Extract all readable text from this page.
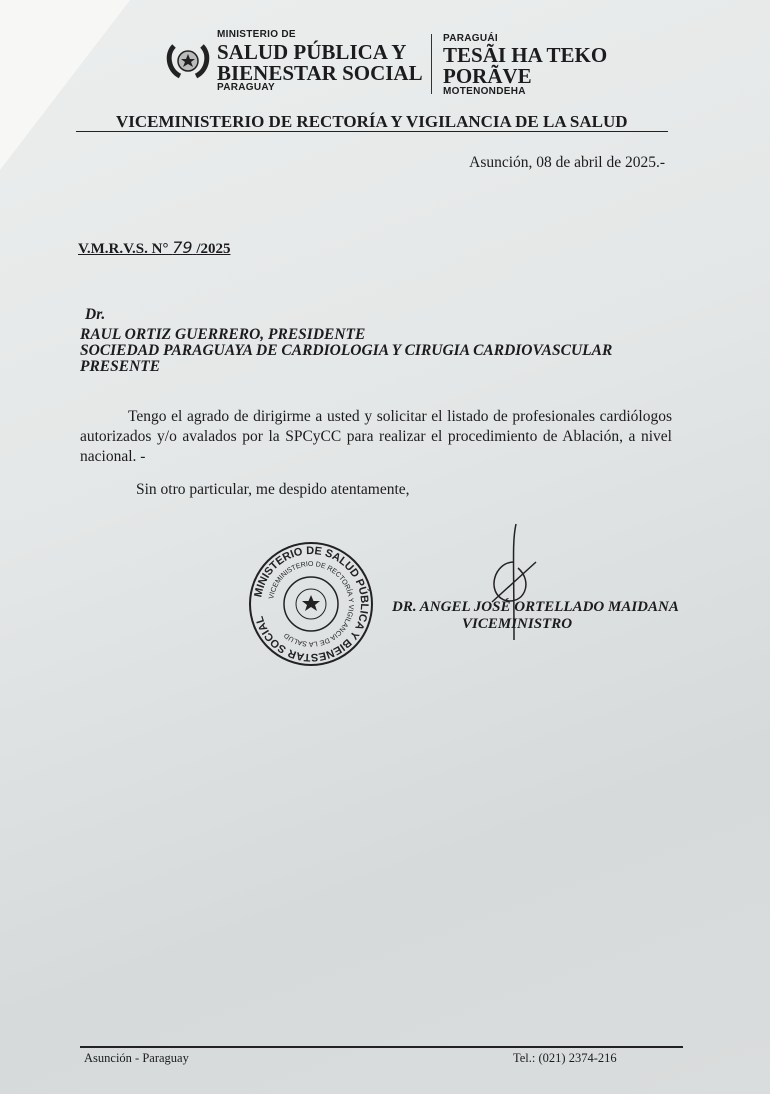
MINISTERIO DE
SALUD PÚBLICA Y
BIENESTAR SOCIAL
PARAGUAY
PARAGUÁI
TESÃI HA TEKO
PORÃVE
MOTENONDEHA
VICEMINISTERIO DE RECTORÍA Y VIGILANCIA DE LA SALUD
Asunción, 08 de abril de 2025.-
V.M.R.V.S. N° 79 /2025
Dr.
RAUL ORTIZ GUERRERO, PRESIDENTE
SOCIEDAD PARAGUAYA DE CARDIOLOGIA Y CIRUGIA CARDIOVASCULAR
PRESENTE
Tengo el agrado de dirigirme a usted y solicitar el listado de profesionales cardiólogos autorizados y/o avalados por la SPCyCC para realizar el procedimiento de Ablación, a nivel nacional. -
Sin otro particular, me despido atentamente,
MINISTERIO DE SALUD PÚBLICA Y BIENESTAR SOCIAL
VICEMINISTERIO DE RECTORÍA Y VIGILANCIA DE LA SALUD
DR. ANGEL JOSÉ ORTELLADO MAIDANA
VICEMINISTRO
Asunción - Paraguay	Tel.: (021) 2374-216
